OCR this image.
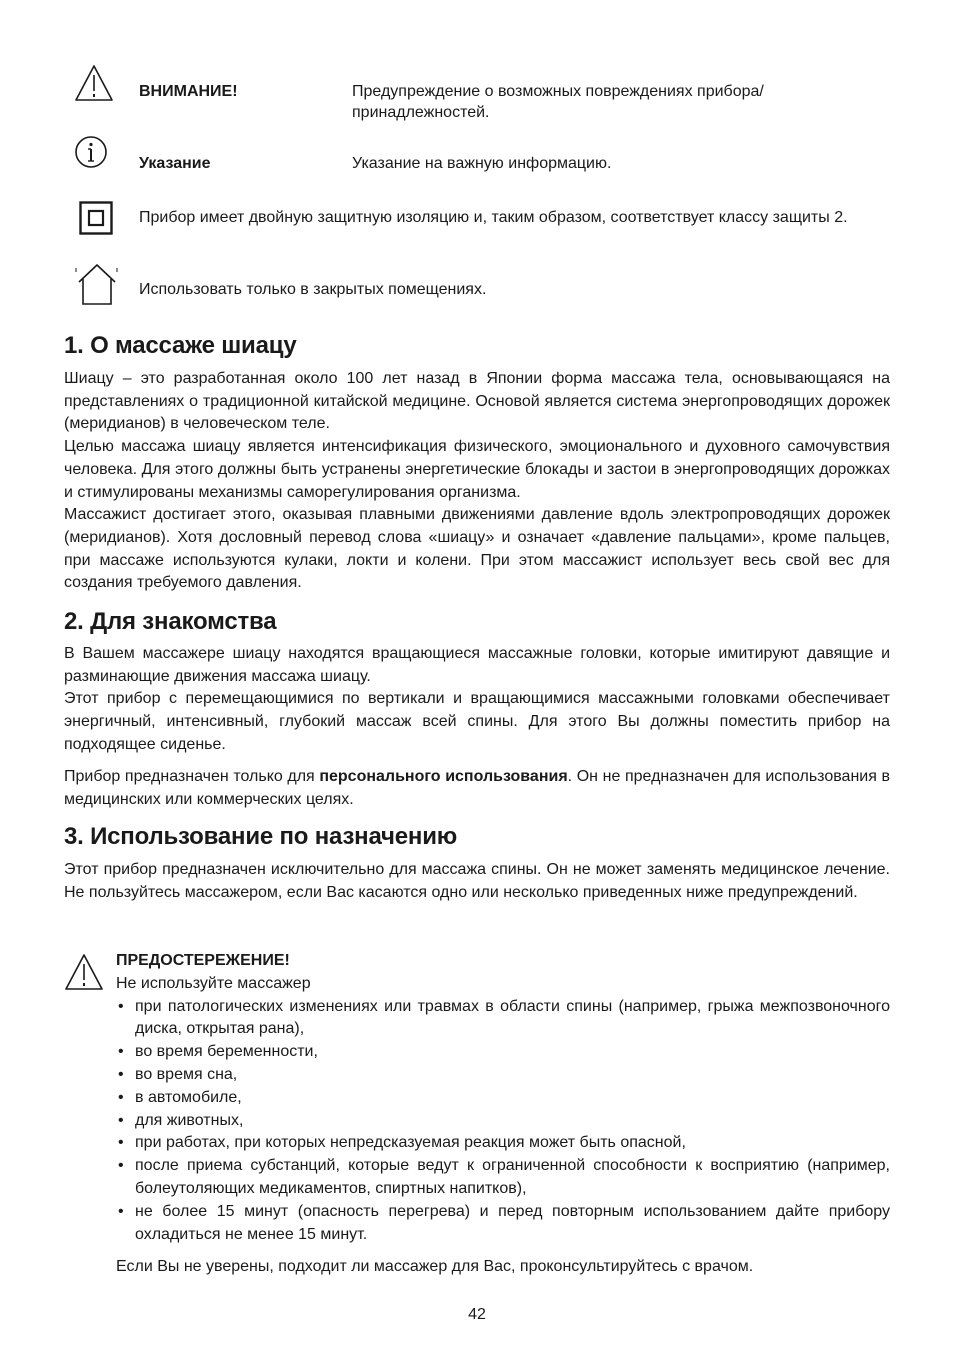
ВНИМАНИЕ!	Предупреждение о возможных повреждениях прибора/ принадлежностей.
Указание	Указание на важную информацию.
Прибор имеет двойную защитную изоляцию и, таким образом, соответствует классу защиты 2.
Использовать только в закрытых помещениях.
1. О массаже шиацу

Шиацу – это разработанная около 100 лет назад в Японии форма массажа тела, основывающаяся на представлениях о традиционной китайской медицине. Основой является система энергопроводящих дорожек (меридианов) в человеческом теле.

Целью массажа шиацу является интенсификация физического, эмоционального и духовного самочувствия человека. Для этого должны быть устранены энергетические блокады и застои в энергопроводящих дорожках и стимулированы механизмы саморегулирования организма.

Массажист достигает этого, оказывая плавными движениями давление вдоль электропроводящих дорожек (меридианов). Хотя дословный перевод слова «шиацу» и означает «давление пальцами», кроме пальцев, при массаже используются кулаки, локти и колени. При этом массажист использует весь свой вес для создания требуемого давления.

2. Для знакомства

В Вашем массажере шиацу находятся вращающиеся массажные головки, которые имитируют давящие и разминающие движения массажа шиацу.

Этот прибор с перемещающимися по вертикали и вращающимися массажными головками обеспечивает энергичный, интенсивный, глубокий массаж всей спины. Для этого Вы должны поместить прибор на подходящее сиденье.

Прибор предназначен только для персонального использования. Он не предназначен для использования в медицинских или коммерческих целях.

3. Использование по назначению

Этот прибор предназначен исключительно для массажа спины. Он не может заменять медицинское лечение. Не пользуйтесь массажером, если Вас касаются одно или несколько приведенных ниже предупреждений.

ПРЕДОСТЕРЕЖЕНИЕ!
Не используйте массажер
• при патологических изменениях или травмах в области спины (например, грыжа межпозвоночного диска, открытая рана),
• во время беременности,
• во время сна,
• в автомобиле,
• для животных,
• при работах, при которых непредсказуемая реакция может быть опасной,
• после приема субстанций, которые ведут к ограниченной способности к восприятию (например, болеутоляющих медикаментов, спиртных напитков),
• не более 15 минут (опасность перегрева) и перед повторным использованием дайте прибору охладиться не менее 15 минут.
Если Вы не уверены, подходит ли массажер для Вас, проконсультируйтесь с врачом.
42
